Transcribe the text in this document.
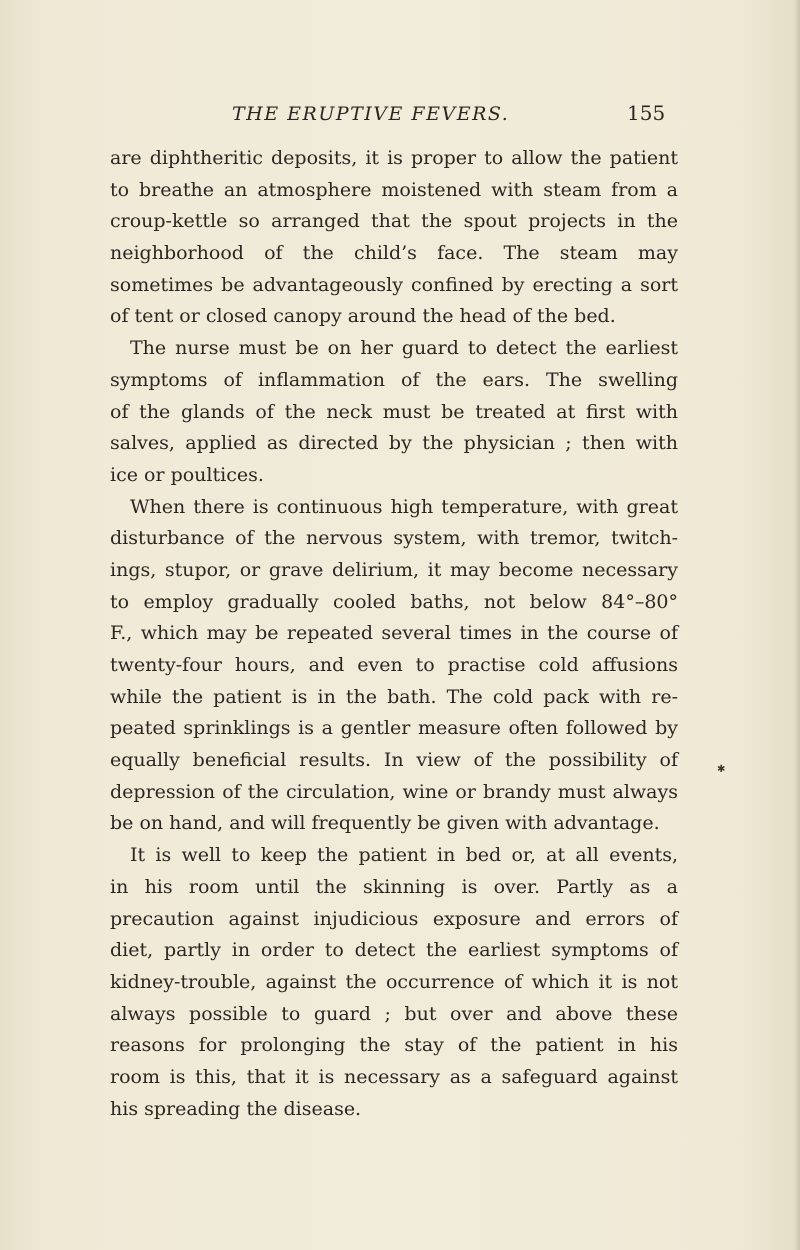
THE ERUPTIVE FEVERS.	155
are diphtheritic deposits, it is proper to allow the patient
to breathe an atmosphere moistened with steam from a
croup-kettle so arranged that the spout projects in the
neighborhood of the child’s face. The steam may
sometimes be advantageously confined by erecting a sort
of tent or closed canopy around the head of the bed.
The nurse must be on her guard to detect the earliest
symptoms of inflammation of the ears. The swelling
of the glands of the neck must be treated at first with
salves, applied as directed by the physician ; then with
ice or poultices.
When there is continuous high temperature, with great
disturbance of the nervous system, with tremor, twitch-
ings, stupor, or grave delirium, it may become necessary
to employ gradually cooled baths, not below 84°–80°
F., which may be repeated several times in the course of
twenty-four hours, and even to practise cold affusions
while the patient is in the bath. The cold pack with re-
peated sprinklings is a gentler measure often followed by
equally beneficial results. In view of the possibility of
depression of the circulation, wine or brandy must always
be on hand, and will frequently be given with advantage.
It is well to keep the patient in bed or, at all events,
in his room until the skinning is over. Partly as a
precaution against injudicious exposure and errors of
diet, partly in order to detect the earliest symptoms of
kidney-trouble, against the occurrence of which it is not
always possible to guard ; but over and above these
reasons for prolonging the stay of the patient in his
room is this, that it is necessary as a safeguard against
his spreading the disease.
✱
